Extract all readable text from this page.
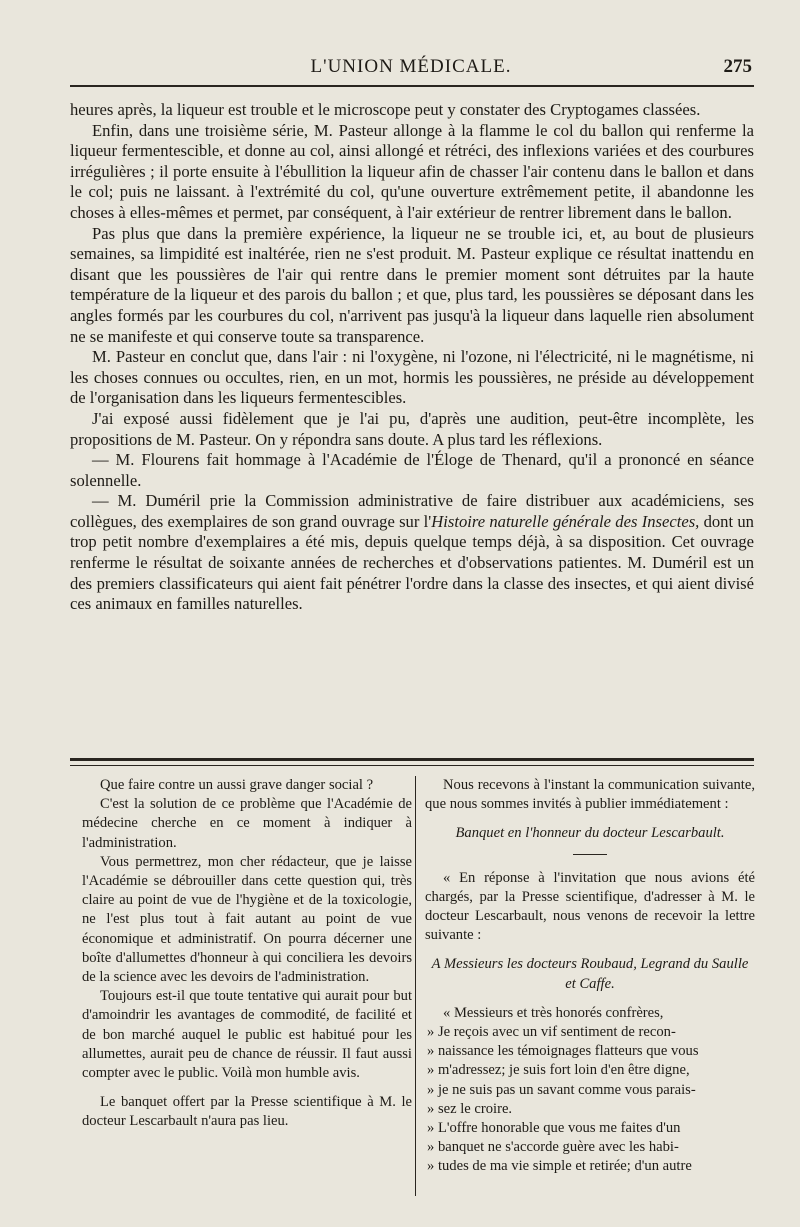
L'UNION MÉDICALE.	275

heures après, la liqueur est trouble et le microscope peut y constater des Cryptogames classées.

Enfin, dans une troisième série, M. Pasteur allonge à la flamme le col du ballon qui renferme la liqueur fermentescible, et donne au col, ainsi allongé et rétréci, des inflexions variées et des courbures irrégulières ; il porte ensuite à l'ébullition la liqueur afin de chasser l'air contenu dans le ballon et dans le col; puis ne laissant. à l'extrémité du col, qu'une ouverture extrêmement petite, il abandonne les choses à elles-mêmes et permet, par conséquent, à l'air extérieur de rentrer librement dans le ballon.

Pas plus que dans la première expérience, la liqueur ne se trouble ici, et, au bout de plusieurs semaines, sa limpidité est inaltérée, rien ne s'est produit. M. Pasteur explique ce résultat inattendu en disant que les poussières de l'air qui rentre dans le premier moment sont détruites par la haute température de la liqueur et des parois du ballon ; et que, plus tard, les poussières se déposant dans les angles formés par les courbures du col, n'arrivent pas jusqu'à la liqueur dans laquelle rien absolument ne se manifeste et qui conserve toute sa transparence.

M. Pasteur en conclut que, dans l'air : ni l'oxygène, ni l'ozone, ni l'électricité, ni le magnétisme, ni les choses connues ou occultes, rien, en un mot, hormis les poussières, ne préside au développement de l'organisation dans les liqueurs fermentescibles.

J'ai exposé aussi fidèlement que je l'ai pu, d'après une audition, peut-être incomplète, les propositions de M. Pasteur. On y répondra sans doute. A plus tard les réflexions.

— M. Flourens fait hommage à l'Académie de l'Éloge de Thenard, qu'il a prononcé en séance solennelle.

— M. Duméril prie la Commission administrative de faire distribuer aux académiciens, ses collègues, des exemplaires de son grand ouvrage sur l'Histoire naturelle générale des Insectes, dont un trop petit nombre d'exemplaires a été mis, depuis quelque temps déjà, à sa disposition. Cet ouvrage renferme le résultat de soixante années de recherches et d'observations patientes. M. Duméril est un des premiers classificateurs qui aient fait pénétrer l'ordre dans la classe des insectes, et qui aient divisé ces animaux en familles naturelles.

Que faire contre un aussi grave danger social ?

C'est la solution de ce problème que l'Académie de médecine cherche en ce moment à indiquer à l'administration.

Vous permettrez, mon cher rédacteur, que je laisse l'Académie se débrouiller dans cette question qui, très claire au point de vue de l'hygiène et de la toxicologie, ne l'est plus tout à fait autant au point de vue économique et administratif. On pourra décerner une boîte d'allumettes d'honneur à qui conciliera les devoirs de la science avec les devoirs de l'administration.

Toujours est-il que toute tentative qui aurait pour but d'amoindrir les avantages de commodité, de facilité et de bon marché auquel le public est habitué pour les allumettes, aurait peu de chance de réussir. Il faut aussi compter avec le public. Voilà mon humble avis.

Le banquet offert par la Presse scientifique à M. le docteur Lescarbault n'aura pas lieu.

Nous recevons à l'instant la communication suivante, que nous sommes invités à publier immédiatement :

Banquet en l'honneur du docteur Lescarbault.

« En réponse à l'invitation que nous avions été chargés, par la Presse scientifique, d'adresser à M. le docteur Lescarbault, nous venons de recevoir la lettre suivante :

A Messieurs les docteurs Roubaud, Legrand du Saulle et Caffe.

« Messieurs et très honorés confrères,

» Je reçois avec un vif sentiment de recon-
» naissance les témoignages flatteurs que vous
» m'adressez; je suis fort loin d'en être digne,
» je ne suis pas un savant comme vous parais-
» sez le croire.
» L'offre honorable que vous me faites d'un
» banquet ne s'accorde guère avec les habi-
» tudes de ma vie simple et retirée; d'un autre
